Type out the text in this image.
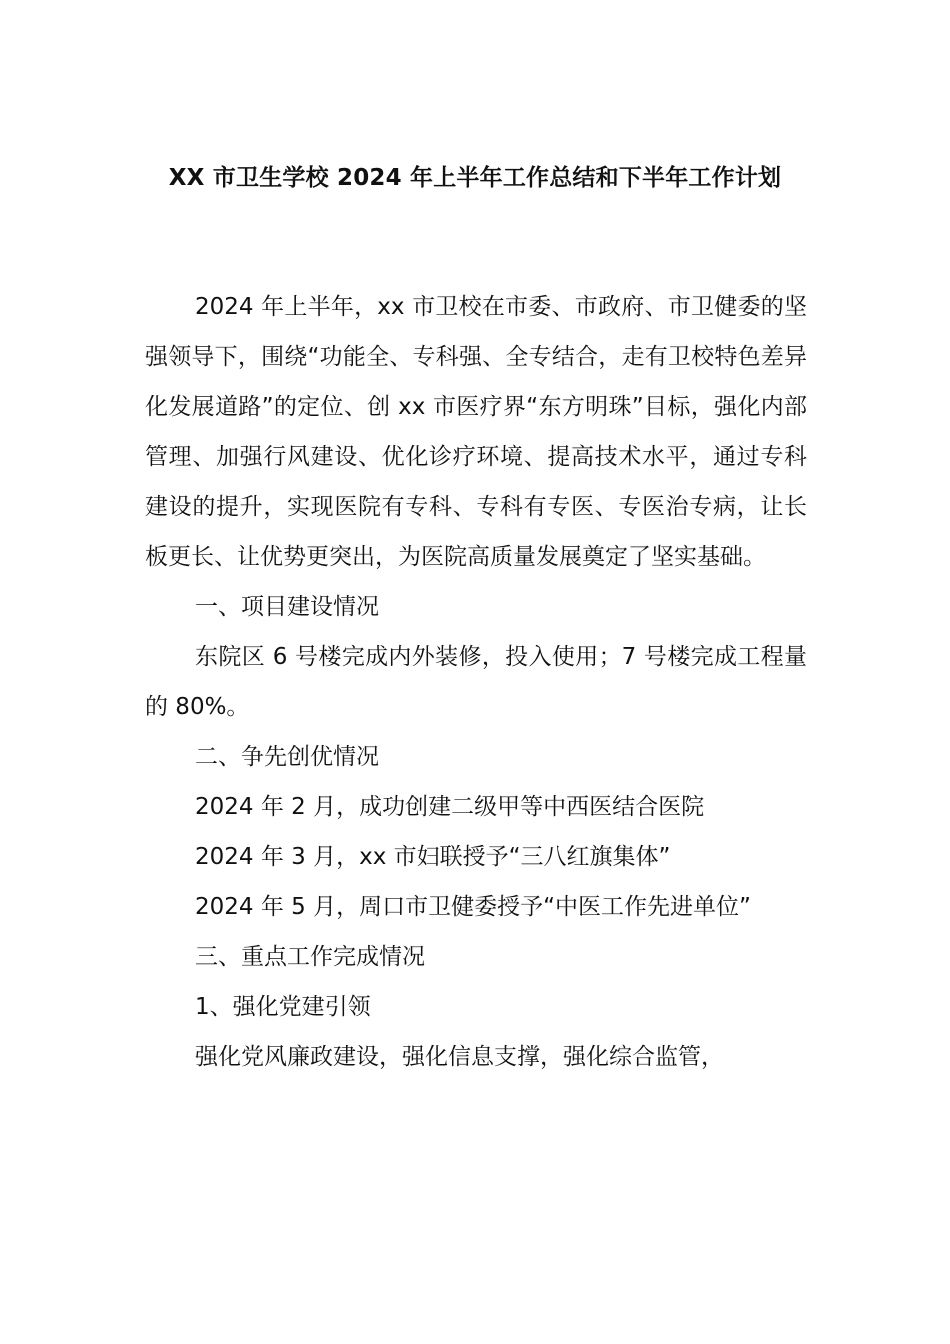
XX 市卫生学校 2024 年上半年工作总结和下半年工作计划

2024 年上半年，xx 市卫校在市委、市政府、市卫健委的坚强领导下，围绕“功能全、专科强、全专结合，走有卫校特色差异化发展道路”的定位、创 xx 市医疗界“东方明珠”目标，强化内部管理、加强行风建设、优化诊疗环境、提高技术水平，通过专科建设的提升，实现医院有专科、专科有专医、专医治专病，让长板更长、让优势更突出，为医院高质量发展奠定了坚实基础。

一、项目建设情况

东院区 6 号楼完成内外装修，投入使用；7 号楼完成工程量的 80%。

二、争先创优情况

2024 年 2 月，成功创建二级甲等中西医结合医院

2024 年 3 月，xx 市妇联授予“三八红旗集体”

2024 年 5 月，周口市卫健委授予“中医工作先进单位”

三、重点工作完成情况

1、强化党建引领

强化党风廉政建设，强化信息支撑，强化综合监管，
